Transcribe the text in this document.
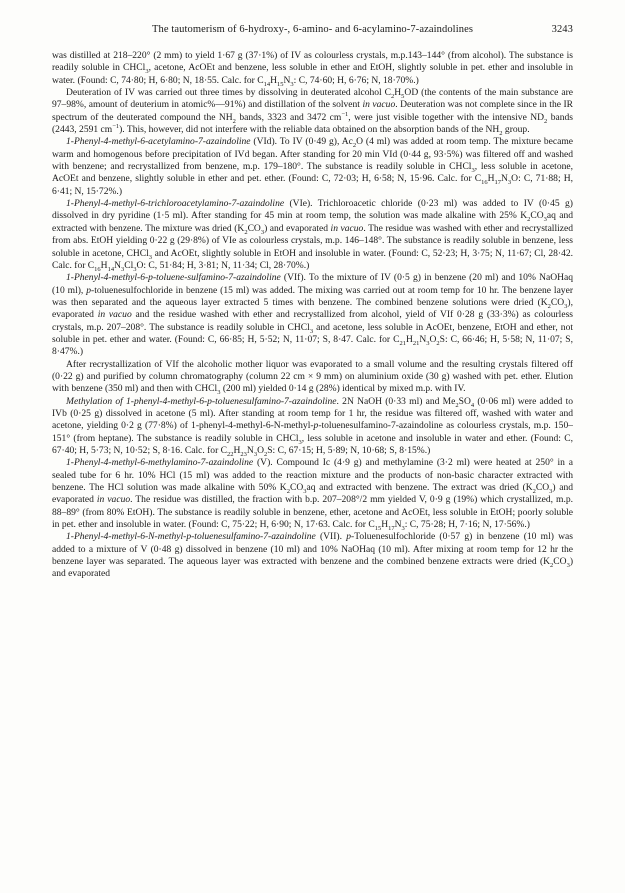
The tautomerism of 6-hydroxy-, 6-amino- and 6-acylamino-7-azaindolines	3243

was distilled at 218–220° (2 mm) to yield 1·67 g (37·1%) of IV as colourless crystals, m.p.143–144° (from alcohol). The substance is readily soluble in CHCl$_3$, acetone, AcOEt and benzene, less soluble in ether and EtOH, slightly soluble in pet. ether and insoluble in water. (Found: C, 74·80; H, 6·80; N, 18·55. Calc. for $C_{14}H_{15}N_3$: C, 74·60; H, 6·76; N, 18·70%.)

Deuteration of IV was carried out three times by dissolving in deuterated alcohol $C_2H_5OD$ (the contents of the main substance are 97–98%, amount of deuterium in atomic%—91%) and distillation of the solvent in vacuo. Deuteration was not complete since in the IR spectrum of the deuterated compound the $NH_2$ bands, 3323 and 3472 $cm^{-1}$, were just visible together with the intensive $ND_2$ bands (2443, 2591 $cm^{-1}$). This, however, did not interfere with the reliable data obtained on the absorption bands of the $NH_2$ group.

1-Phenyl-4-methyl-6-acetylamino-7-azaindoline (VId). To IV (0·49 g), $Ac_2O$ (4 ml) was added at room temp. The mixture became warm and homogenous before precipitation of IVd began. After standing for 20 min VId (0·44 g, 93·5%) was filtered off and washed with benzene; and recrystallized from benzene, m.p. 179–180°. The substance is readily soluble in CHCl$_3$, less soluble in acetone, AcOEt and benzene, slightly soluble in ether and pet. ether. (Found: C, 72·03; H, 6·58; N, 15·96. Calc. for $C_{16}H_{17}N_3O$: C, 71·88; H, 6·41; N, 15·72%.)

1-Phenyl-4-methyl-6-trichloroacetylamino-7-azaindoline (VIe). Trichloroacetic chloride (0·23 ml) was added to IV (0·45 g) dissolved in dry pyridine (1·5 ml). After standing for 45 min at room temp, the solution was made alkaline with 25% $K_2CO_3aq$ and extracted with benzene. The mixture was dried $(K_2CO_3)$ and evaporated in vacuo. The residue was washed with ether and recrystallized from abs. EtOH yielding 0·22 g (29·8%) of VIe as colourless crystals, m.p. 146–148°. The substance is readily soluble in benzene, less soluble in acetone, CHCl$_3$ and AcOEt, slightly soluble in EtOH and insoluble in water. (Found: C, 52·23; H, 3·75; N, 11·67; Cl, 28·42. Calc. for $C_{16}H_{14}N_3Cl_3O$: C, 51·84; H, 3·81; N, 11·34; Cl, 28·70%.)

1-Phenyl-4-methyl-6-p-toluene-sulfamino-7-azaindoline (VIf). To the mixture of IV (0·5 g) in benzene (20 ml) and 10% NaOHaq (10 ml), p-toluenesulfochloride in benzene (15 ml) was added. The mixing was carried out at room temp for 10 hr. The benzene layer was then separated and the aqueous layer extracted 5 times with benzene. The combined benzene solutions were dried $(K_2CO_3)$, evaporated in vacuo and the residue washed with ether and recrystallized from alcohol, yield of VIf 0·28 g (33·3%) as colourless crystals, m.p. 207–208°. The substance is readily soluble in CHCl$_3$ and acetone, less soluble in AcOEt, benzene, EtOH and ether, not soluble in pet. ether and water. (Found: C, 66·85; H, 5·52; N, 11·07; S, 8·47. Calc. for $C_{21}H_{21}N_3O_2S$: C, 66·46; H, 5·58; N, 11·07; S, 8·47%.)

After recrystallization of VIf the alcoholic mother liquor was evaporated to a small volume and the resulting crystals filtered off (0·22 g) and purified by column chromatography (column 22 cm × 9 mm) on aluminium oxide (30 g) washed with pet. ether. Elution with benzene (350 ml) and then with CHCl$_3$ (200 ml) yielded 0·14 g (28%) identical by mixed m.p. with IV.

Methylation of 1-phenyl-4-methyl-6-p-toluenesulfamino-7-azaindoline. 2N NaOH (0·33 ml) and $Me_2SO_4$ (0·06 ml) were added to IVb (0·25 g) dissolved in acetone (5 ml). After standing at room temp for 1 hr, the residue was filtered off, washed with water and acetone, yielding 0·2 g (77·8%) of 1-phenyl-4-methyl-6-N-methyl-p-toluenesulfamino-7-azaindoline as colourless crystals, m.p. 150–151° (from heptane). The substance is readily soluble in CHCl$_3$, less soluble in acetone and insoluble in water and ether. (Found: C, 67·40; H, 5·73; N, 10·52; S, 8·16. Calc. for $C_{22}H_{23}N_3O_2S$: C, 67·15; H, 5·89; N, 10·68; S, 8·15%.)

1-Phenyl-4-methyl-6-methylamino-7-azaindoline (V). Compound Ic (4·9 g) and methylamine (3·2 ml) were heated at 250° in a sealed tube for 6 hr. 10% HCl (15 ml) was added to the reaction mixture and the products of non-basic character extracted with benzene. The HCl solution was made alkaline with 50% $K_2CO_3aq$ and extracted with benzene. The extract was dried $(K_2CO_3)$ and evaporated in vacuo. The residue was distilled, the fraction with b.p. 207–208°/2 mm yielded V, 0·9 g (19%) which crystallized, m.p. 88–89° (from 80% EtOH). The substance is readily soluble in benzene, ether, acetone and AcOEt, less soluble in EtOH; poorly soluble in pet. ether and insoluble in water. (Found: C, 75·22; H, 6·90; N, 17·63. Calc. for $C_{15}H_{17}N_3$: C, 75·28; H, 7·16; N, 17·56%.)

1-Phenyl-4-methyl-6-N-methyl-p-toluenesulfamino-7-azaindoline (VII). p-Toluenesulfochloride (0·57 g) in benzene (10 ml) was added to a mixture of V (0·48 g) dissolved in benzene (10 ml) and 10% NaOHaq (10 ml). After mixing at room temp for 12 hr the benzene layer was separated. The aqueous layer was extracted with benzene and the combined benzene extracts were dried $(K_2CO_3)$ and evaporated
